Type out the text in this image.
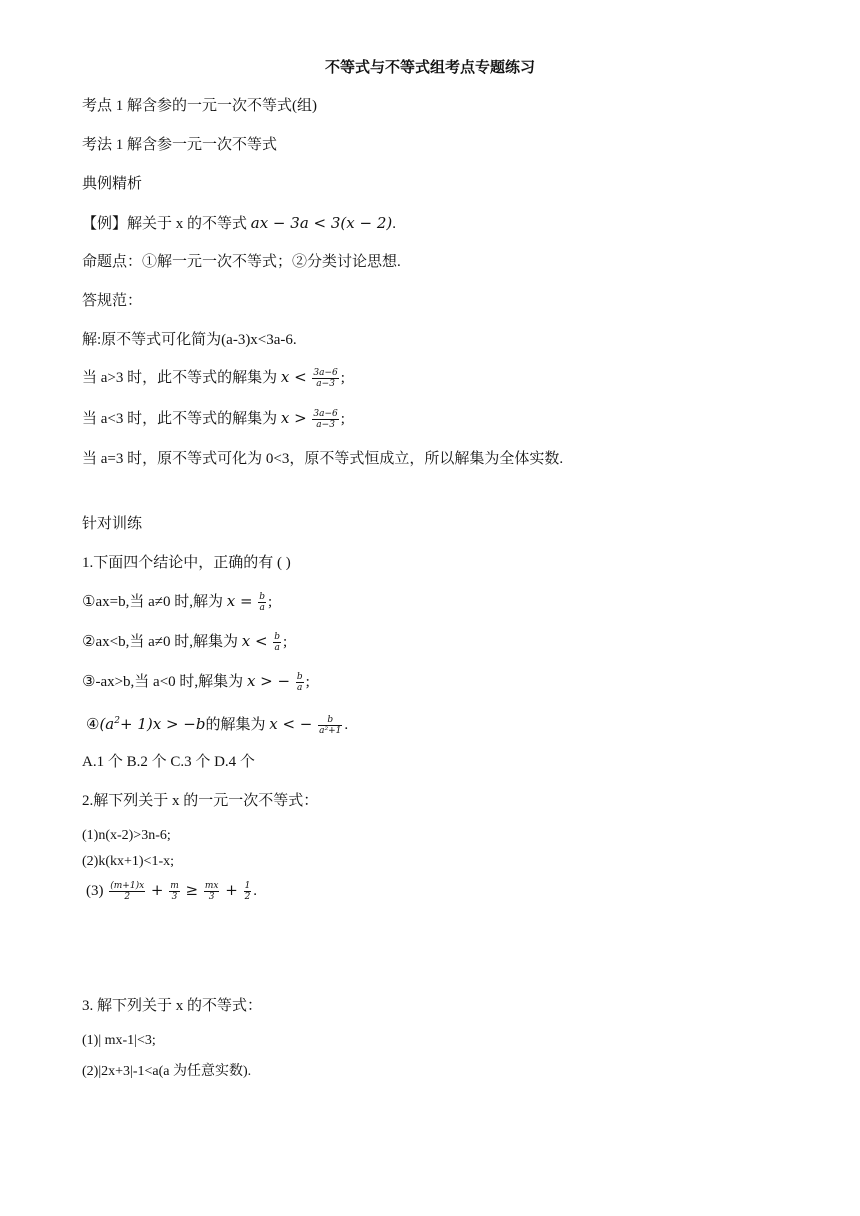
不等式与不等式组考点专题练习
考点 1 解含参的一元一次不等式(组)
考法 1 解含参一元一次不等式
典例精析
【例】解关于 x 的不等式 ax − 3a < 3(x − 2).
命题点：①解一元一次不等式；②分类讨论思想.
答规范：
解:原不等式可化简为(a-3)x<3a-6.
当 a>3 时，此不等式的解集为 $x < \frac{3a-6}{a-3}$ ;
当 a<3 时，此不等式的解集为 $x > \frac{3a-6}{a-3}$ ;
当 a=3 时，原不等式可化为 0<3，原不等式恒成立，所以解集为全体实数.
针对训练
1.下面四个结论中，正确的有 ( )
①ax=b,当 a≠0 时,解为 $x = \frac{b}{a}$ ;
②ax<b,当 a≠0 时,解集为 $x < \frac{b}{a}$ ;
③-ax>b,当 a<0 时,解集为 x > − $\frac{b}{a}$ ;
$④(a^2+ 1)x > -b$的解集为 x < − $\frac{b}{\text{a²+1}}$ .
A.1 个 B.2 个 C.3 个 D.4 个
2.解下列关于 x 的一元一次不等式：
(1)n(x-2)>3n-6;
(2)k(kx+1)<1-x;
$(3) \frac{(m+1)x}{2} + \frac{m}{3} \ge \frac{mx}{3} + \frac{1}{2}$ .
3. 解下列关于 x 的不等式：
(1)| mx-1|<3;
(2)|2x+3|-1<a(a 为任意实数).
